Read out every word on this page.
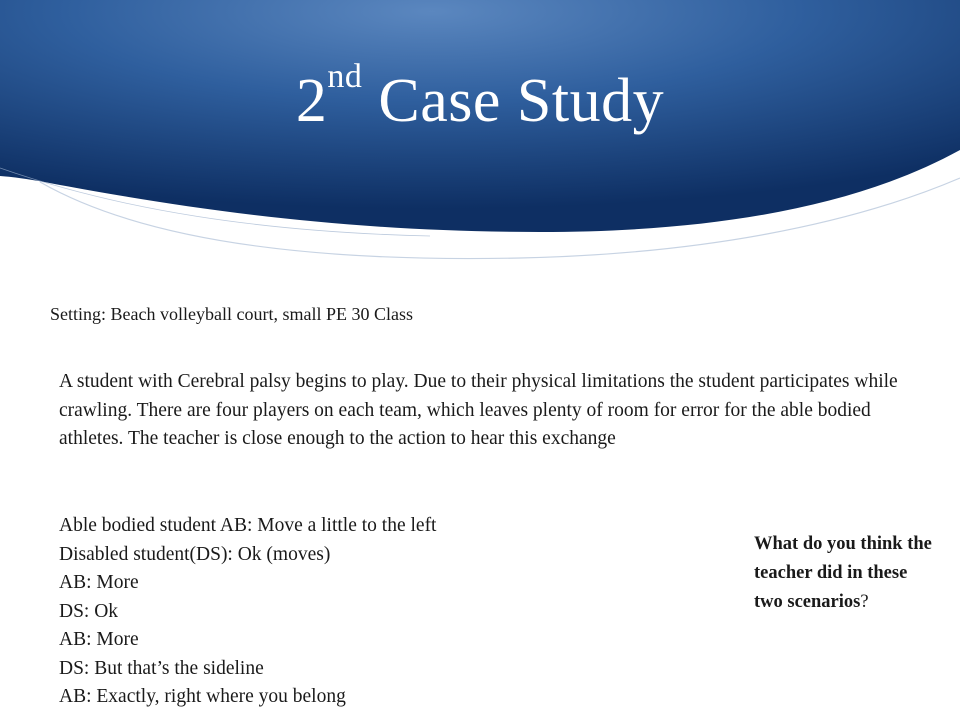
2nd Case Study
Setting: Beach volleyball court, small PE 30 Class
A student with Cerebral palsy begins to play. Due to their physical limitations the student participates while crawling. There are four players on each team, which leaves plenty of room for error for the able bodied athletes. The teacher is close enough to the action to hear this exchange
Able bodied student AB: Move a little to the left
Disabled student(DS): Ok (moves)
AB: More
DS: Ok
AB: More
DS: But that’s the sideline
AB: Exactly, right where you belong
What do you think the teacher did in these two scenarios?
